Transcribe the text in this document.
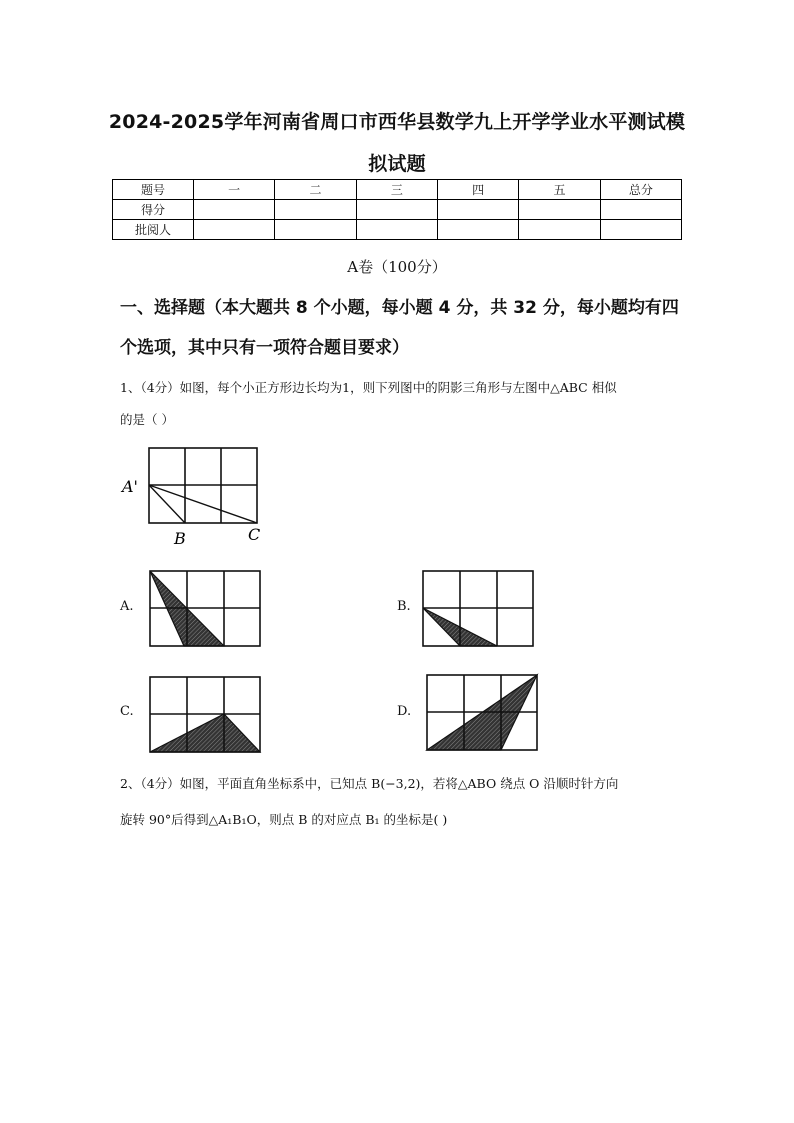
2024-2025学年河南省周口市西华县数学九上开学学业水平测试模
拟试题
题号	一	二	三	四	五	总分
得分						
批阅人						
A卷（100分）
一、选择题（本大题共 8 个小题，每小题 4 分，共 32 分，每小题均有四个选项，其中只有一项符合题目要求）
1、（4分）如图，每个小正方形边长均为1，则下列图中的阴影三角形与左图中△ABC 相似
的是（ ）
A'
B	C
A.	B.
C.	D.
2、（4分）如图，平面直角坐标系中，已知点 B(−3,2)，若将△ABO 绕点 O 沿顺时针方向
旋转 90°后得到△A₁B₁O，则点 B 的对应点 B₁ 的坐标是( )
